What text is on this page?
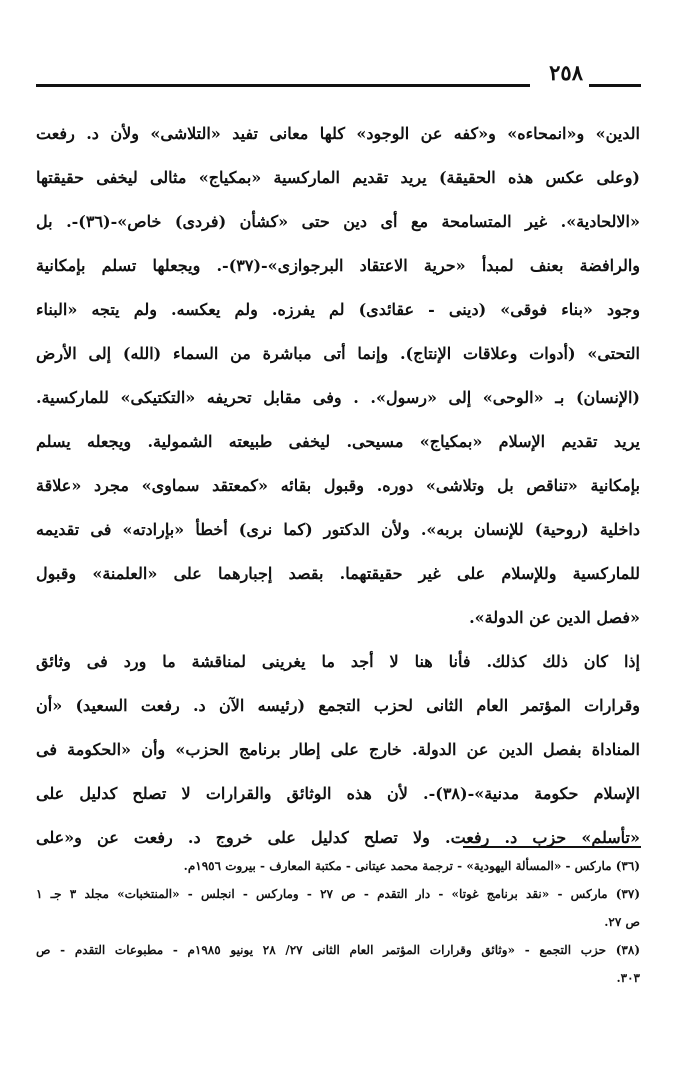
٢٥٨
الدين» و«انمحاءه» و«كفه عن الوجود» كلها معانى تفيد «التلاشى» ولأن د. رفعت
(وعلى عكس هذه الحقيقة) يريد تقديم الماركسية «بمكياج» مثالى ليخفى حقيقتها
«الالحادية». غير المتسامحة مع أى دين حتى «كشأن (فردى) خاص»-(٣٦)-. بل
والرافضة بعنف لمبدأ «حرية الاعتقاد البرجوازى»-(٣٧)-. ويجعلها تسلم بإمكانية
وجود «بناء فوقى» (دينى - عقائدى) لم يفرزه. ولم يعكسه. ولم يتجه «البناء
التحتى» (أدوات وعلاقات الإنتاج). وإنما أتى مباشرة من السماء (الله) إلى الأرض
(الإنسان) بـ «الوحى» إلى «رسول». . وفى مقابل تحريفه «التكتيكى» للماركسية.
يريد تقديم الإسلام «بمكياج» مسيحى. ليخفى طبيعته الشمولية. ويجعله يسلم
بإمكانية «تناقص بل وتلاشى» دوره. وقبول بقائه «كمعتقد سماوى» مجرد «علاقة
داخلية (روحية) للإنسان بربه». ولأن الدكتور (كما نرى) أخطأ «بإرادته» فى تقديمه
للماركسية وللإسلام على غير حقيقتهما. بقصد إجبارهما على «العلمنة» وقبول
«فصل الدين عن الدولة».
إذا كان ذلك كذلك. فأنا هنا لا أجد ما يغرينى لمناقشة ما ورد فى وثائق
وقرارات المؤتمر العام الثانى لحزب التجمع (رئيسه الآن د. رفعت السعيد) «أن
المناداة بفصل الدين عن الدولة. خارج على إطار برنامج الحزب» وأن «الحكومة فى
الإسلام حكومة مدنية»-(٣٨)-. لأن هذه الوثائق والقرارات لا تصلح كدليل على
«تأسلم» حزب د. رفعت. ولا تصلح كدليل على خروج د. رفعت عن و«على
(٣٦) ماركس - «المسألة اليهودية» - ترجمة محمد عيتانى - مكتبة المعارف - بيروت ١٩٥٦م.
(٣٧) ماركس - «نقد برنامج غوتا» - دار التقدم - ص ٢٧ - وماركس - انجلس - «المنتخبات» مجلد ٣ جـ ١
ص ٢٧.
(٣٨) حزب التجمع - «وثائق وقرارات المؤتمر العام الثانى ٢٧/ ٢٨ يونيو ١٩٨٥م - مطبوعات التقدم - ص
٣٠٣.
